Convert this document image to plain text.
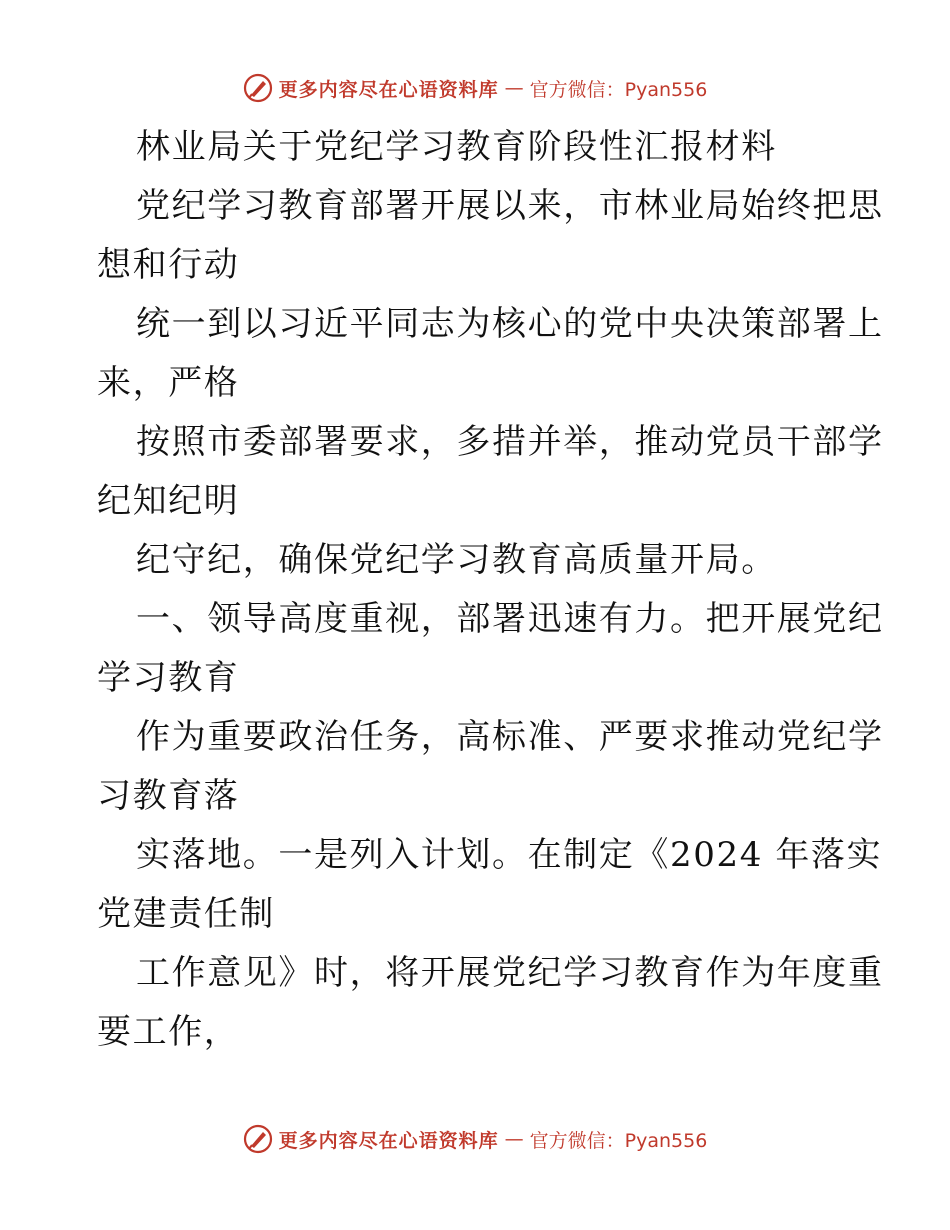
更多内容尽在心语资料库 — 官方微信：Pyan556
林业局关于党纪学习教育阶段性汇报材料
党纪学习教育部署开展以来，市林业局始终把思
想和行动
统一到以习近平同志为核心的党中央决策部署上
来，严格
按照市委部署要求，多措并举，推动党员干部学
纪知纪明
纪守纪，确保党纪学习教育高质量开局。
一、领导高度重视，部署迅速有力。把开展党纪
学习教育
作为重要政治任务，高标准、严要求推动党纪学
习教育落
实落地。一是列入计划。在制定《2024 年落实
党建责任制
工作意见》时，将开展党纪学习教育作为年度重
要工作，
更多内容尽在心语资料库 — 官方微信：Pyan556
